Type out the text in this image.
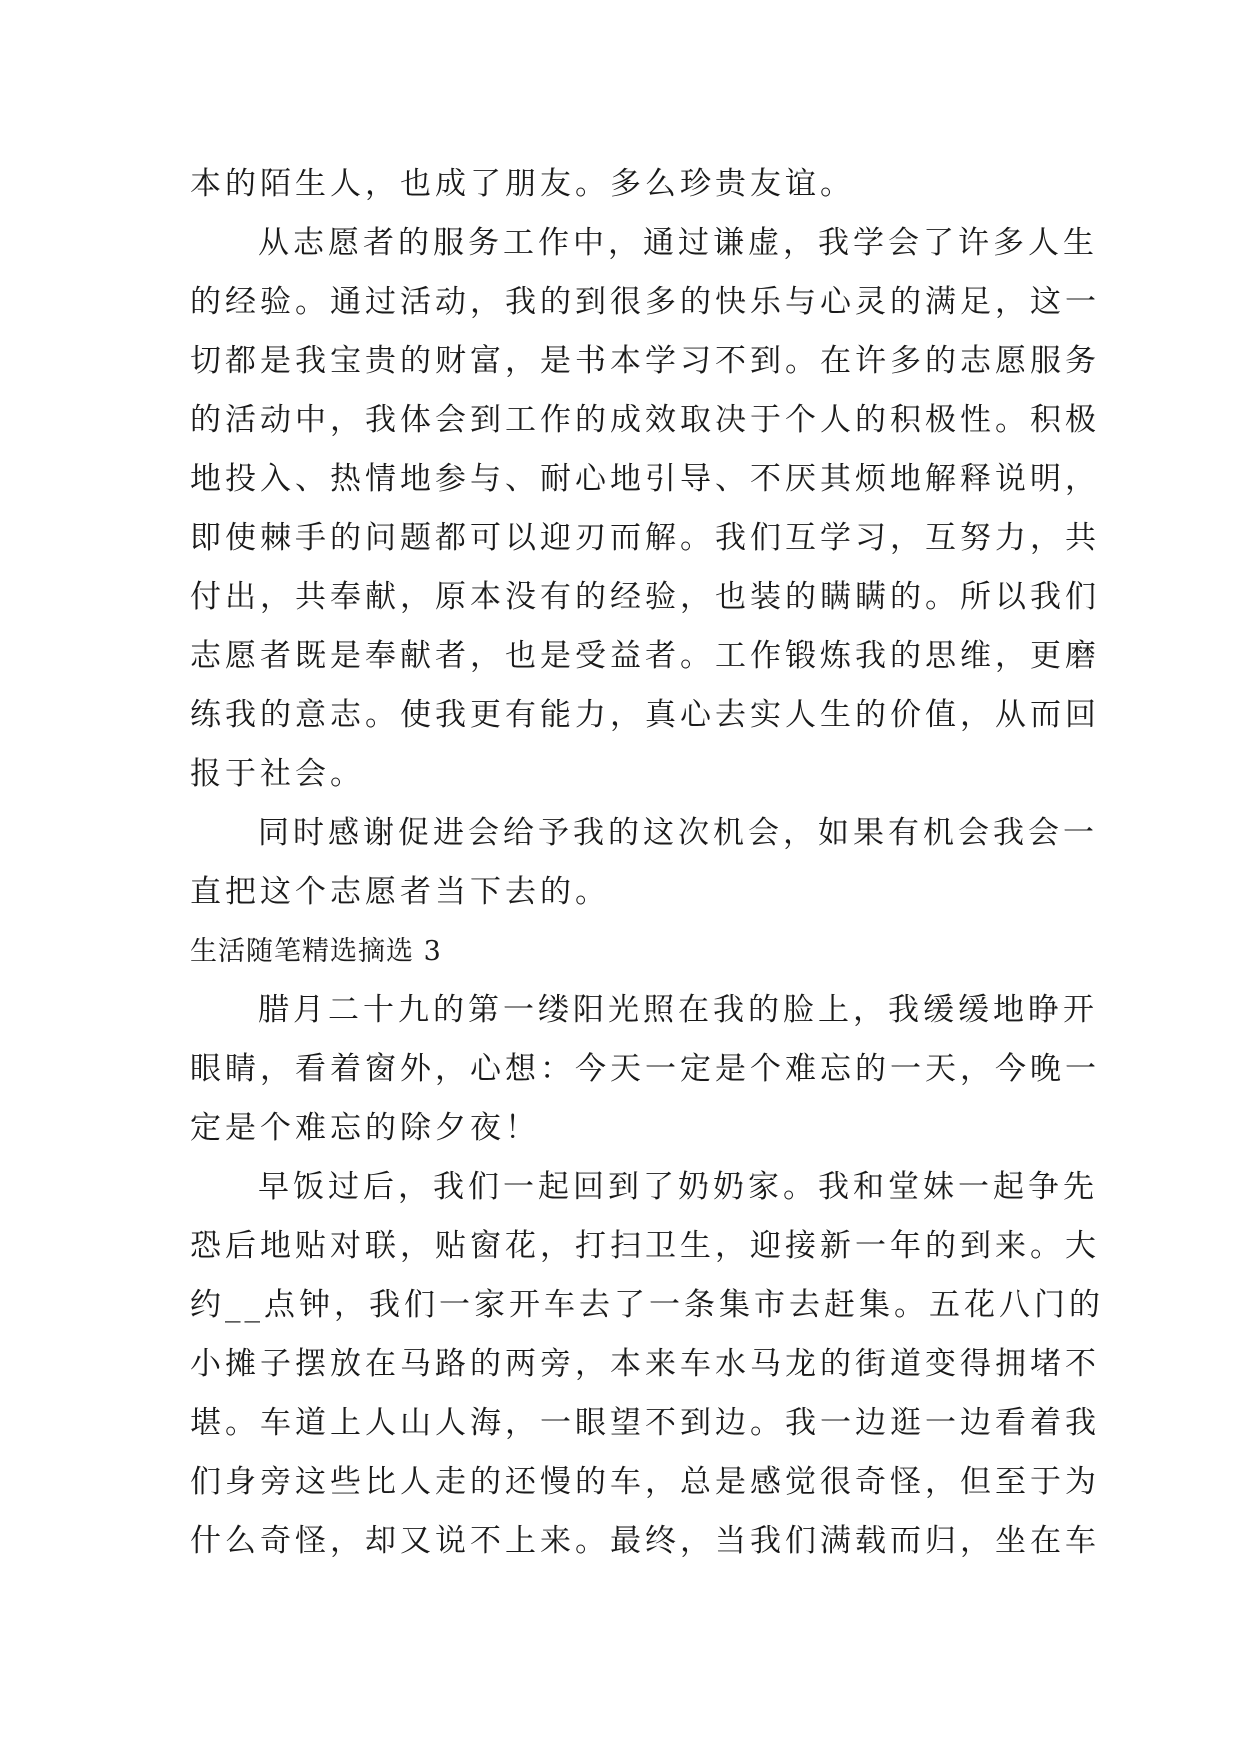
本的陌生人，也成了朋友。多么珍贵友谊。
从志愿者的服务工作中，通过谦虚，我学会了许多人生
的经验。通过活动，我的到很多的快乐与心灵的满足，这一
切都是我宝贵的财富，是书本学习不到。在许多的志愿服务
的活动中，我体会到工作的成效取决于个人的积极性。积极
地投入、热情地参与、耐心地引导、不厌其烦地解释说明，
即使棘手的问题都可以迎刃而解。我们互学习，互努力，共
付出，共奉献，原本没有的经验，也装的瞒瞒的。所以我们
志愿者既是奉献者，也是受益者。工作锻炼我的思维，更磨
练我的意志。使我更有能力，真心去实人生的价值，从而回
报于社会。
同时感谢促进会给予我的这次机会，如果有机会我会一
直把这个志愿者当下去的。
生活随笔精选摘选 3
腊月二十九的第一缕阳光照在我的脸上，我缓缓地睁开
眼睛，看着窗外，心想：今天一定是个难忘的一天，今晚一
定是个难忘的除夕夜！
早饭过后，我们一起回到了奶奶家。我和堂妹一起争先
恐后地贴对联，贴窗花，打扫卫生，迎接新一年的到来。大
约__点钟，我们一家开车去了一条集市去赶集。五花八门的
小摊子摆放在马路的两旁，本来车水马龙的街道变得拥堵不
堪。车道上人山人海，一眼望不到边。我一边逛一边看着我
们身旁这些比人走的还慢的车，总是感觉很奇怪，但至于为
什么奇怪，却又说不上来。最终，当我们满载而归，坐在车
